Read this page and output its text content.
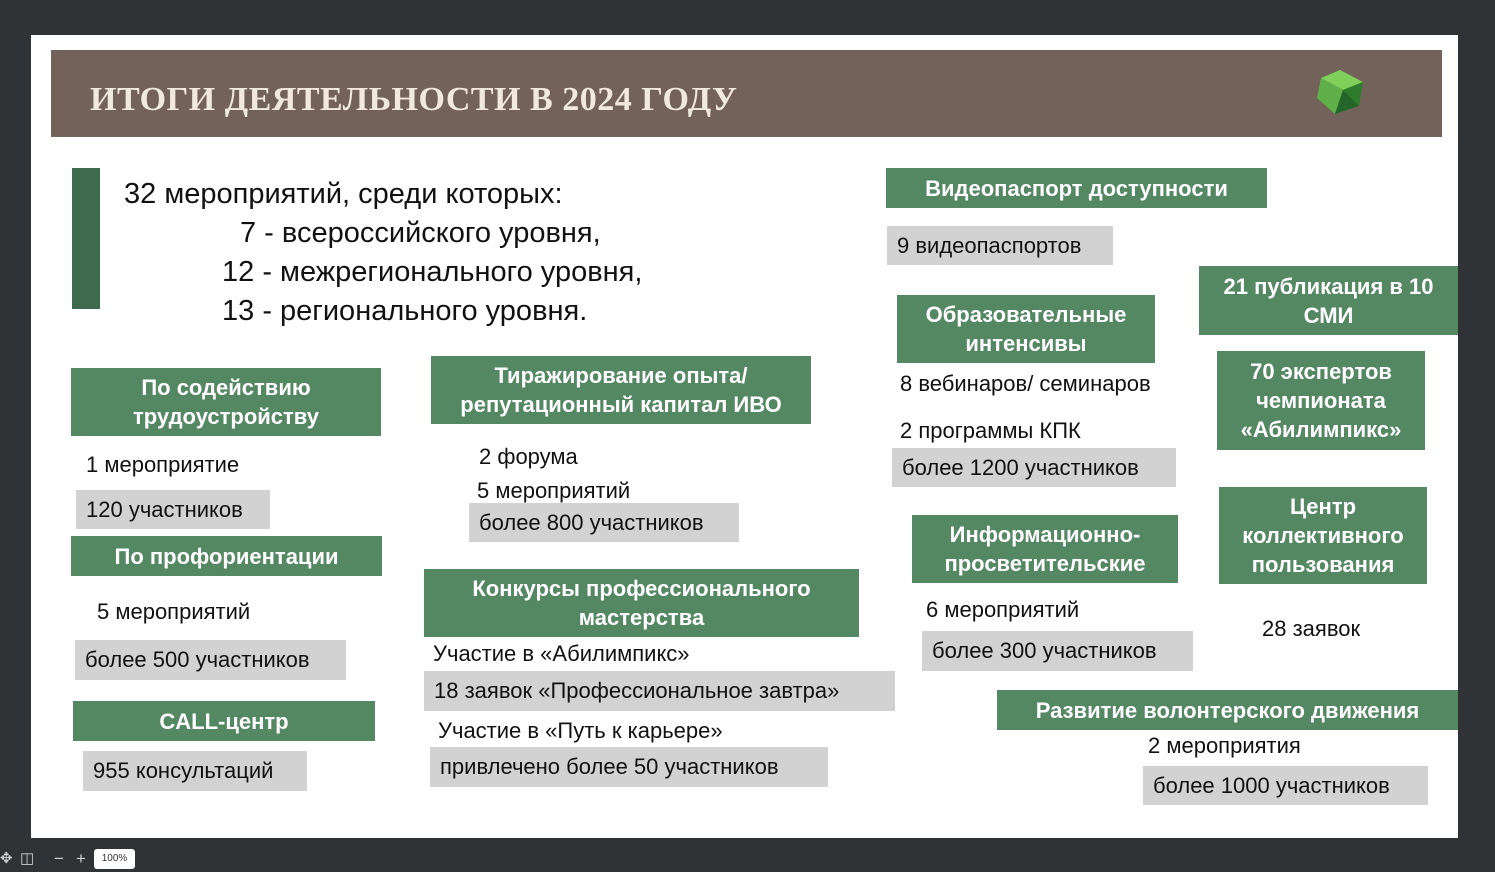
ИТОГИ ДЕЯТЕЛЬНОСТИ В 2024 ГОДУ
32 мероприятий, среди которых:
7 - всероссийского уровня,
12 - межрегионального уровня,
13 - регионального уровня.
По содействию трудоустройству
1 мероприятие
120 участников
По профориентации
5 мероприятий
более 500 участников
CALL-центр
955 консультаций
Тиражирование опыта/ репутационный капитал ИВО
2 форума
5 мероприятий
более 800 участников
Конкурсы профессионального мастерства
Участие в «Абилимпикс»
18 заявок «Профессиональное завтра»
Участие в «Путь к карьере»
привлечено более 50 участников
Видеопаспорт доступности
9 видеопаспортов
Образовательные интенсивы
8 вебинаров/ семинаров
2 программы КПК
более 1200 участников
Информационно-просветительские
6 мероприятий
более 300 участников
21 публикация в 10 СМИ
70 экспертов чемпионата «Абилимпикс»
Центр коллективного пользования
28 заявок
Развитие волонтерского движения
2 мероприятия
более 1000 участников
✥ ◫ − +	100%
